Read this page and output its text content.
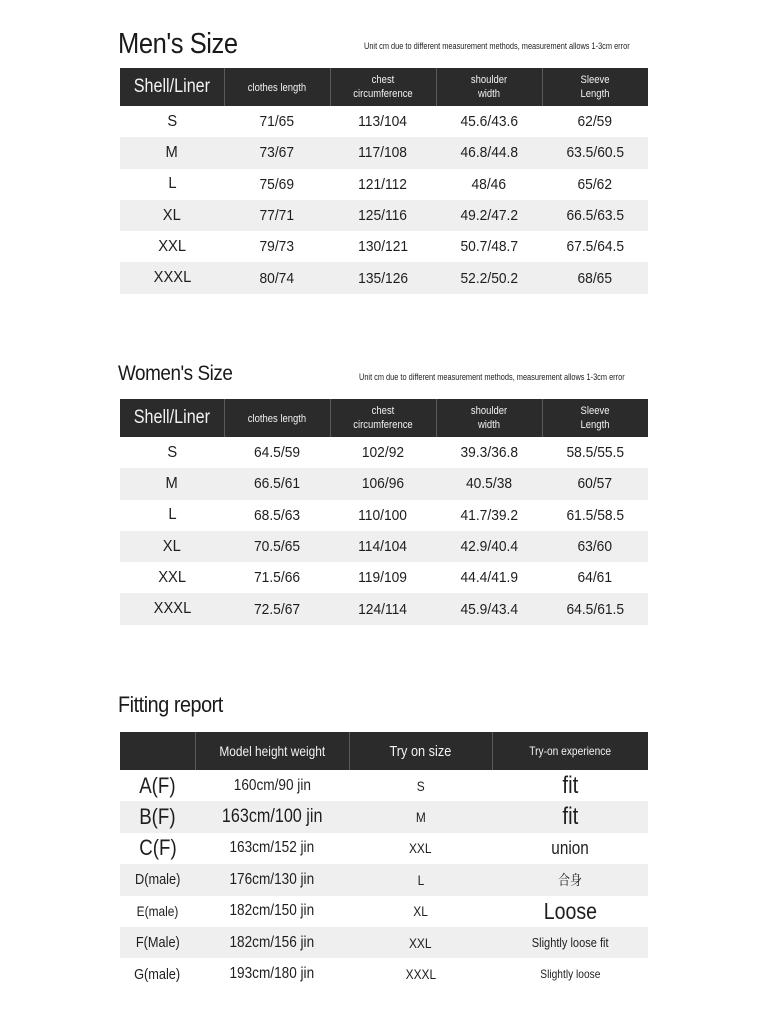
Men's Size	Unit cm due to different measurement methods, measurement allows 1-3cm error
Shell/Liner	clothes length	chest circumference	shoulder width	Sleeve Length
S	71/65	113/104	45.6/43.6	62/59
M	73/67	117/108	46.8/44.8	63.5/60.5
L	75/69	121/112	48/46	65/62
XL	77/71	125/116	49.2/47.2	66.5/63.5
XXL	79/73	130/121	50.7/48.7	67.5/64.5
XXXL	80/74	135/126	52.2/50.2	68/65
Women's Size	Unit cm due to different measurement methods, measurement allows 1-3cm error
Shell/Liner	clothes length	chest circumference	shoulder width	Sleeve Length
S	64.5/59	102/92	39.3/36.8	58.5/55.5
M	66.5/61	106/96	40.5/38	60/57
L	68.5/63	110/100	41.7/39.2	61.5/58.5
XL	70.5/65	114/104	42.9/40.4	63/60
XXL	71.5/66	119/109	44.4/41.9	64/61
XXXL	72.5/67	124/114	45.9/43.4	64.5/61.5
Fitting report
	Model height weight	Try on size	Try-on experience
A(F)	160cm/90 jin	S	fit
B(F)	163cm/100 jin	M	fit
C(F)	163cm/152 jin	XXL	union
D(male)	176cm/130 jin	L	合身
E(male)	182cm/150 jin	XL	Loose
F(Male)	182cm/156 jin	XXL	Slightly loose fit
G(male)	193cm/180 jin	XXXL	Slightly loose
